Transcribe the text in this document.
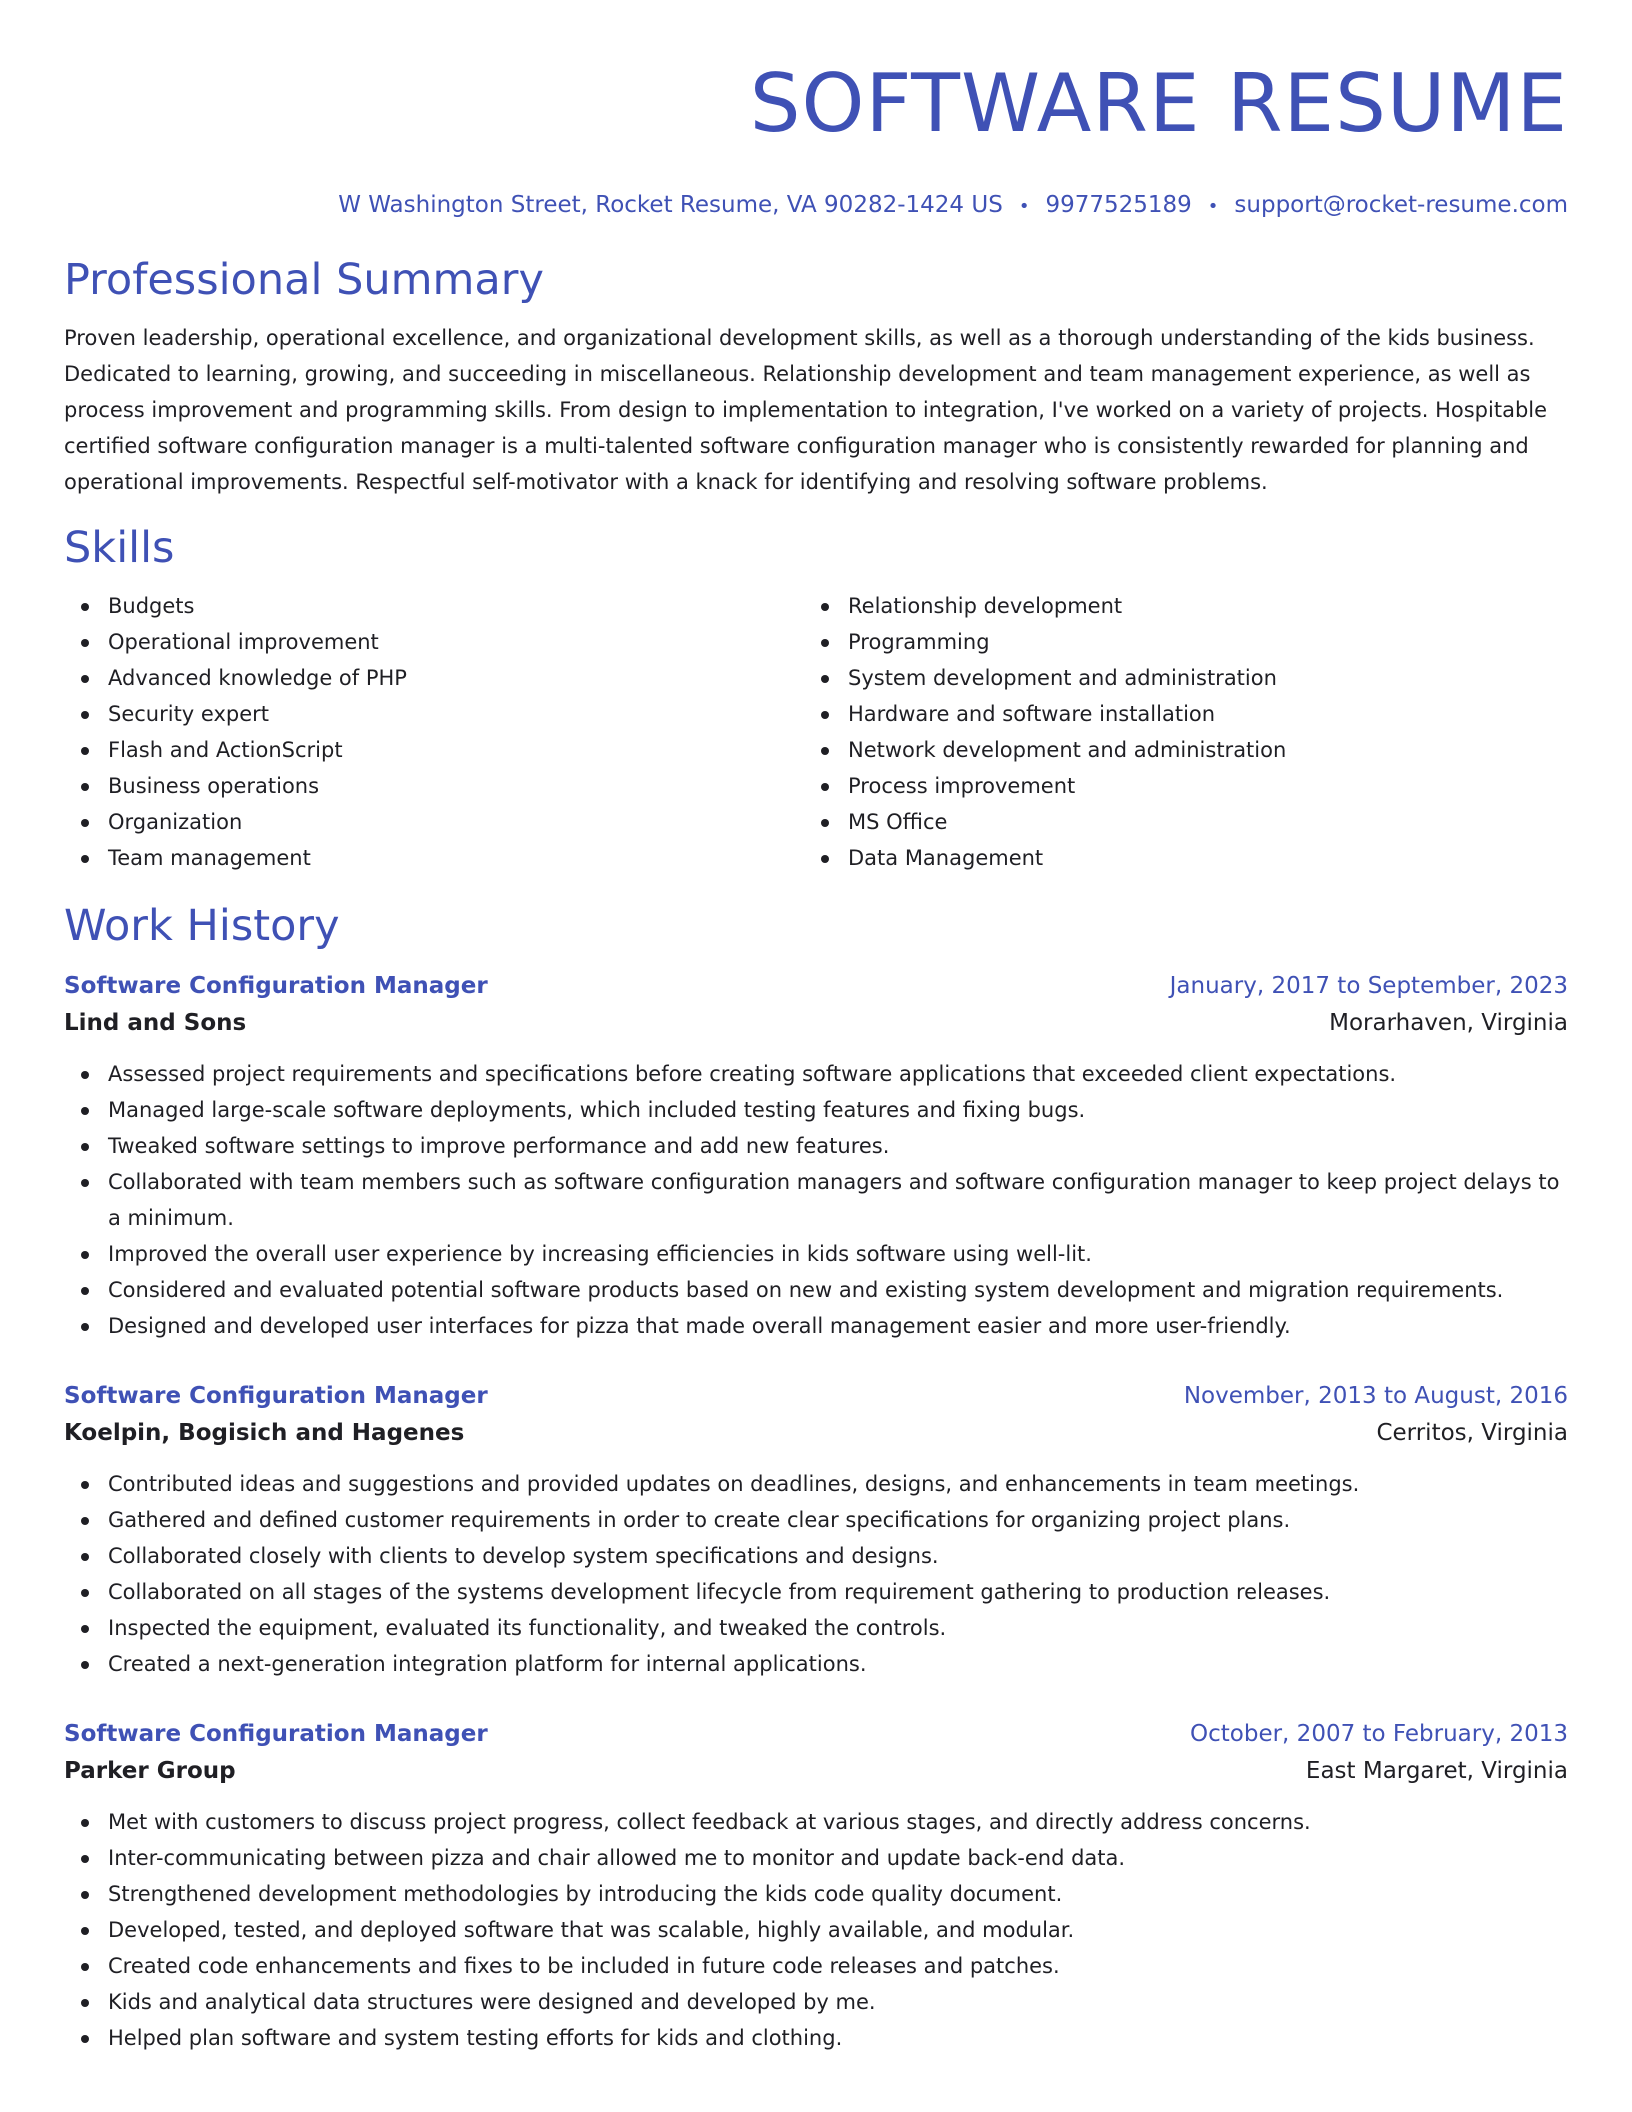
SOFTWARE RESUME
W Washington Street, Rocket Resume, VA 90282-1424 US • 9977525189 • support@rocket-resume.com
Professional Summary
Proven leadership, operational excellence, and organizational development skills, as well as a thorough understanding of the kids business. Dedicated to learning, growing, and succeeding in miscellaneous. Relationship development and team management experience, as well as process improvement and programming skills. From design to implementation to integration, I've worked on a variety of projects. Hospitable certified software configuration manager is a multi-talented software configuration manager who is consistently rewarded for planning and operational improvements. Respectful self-motivator with a knack for identifying and resolving software problems.
Skills
Budgets
Operational improvement
Advanced knowledge of PHP
Security expert
Flash and ActionScript
Business operations
Organization
Team management
Relationship development
Programming
System development and administration
Hardware and software installation
Network development and administration
Process improvement
MS Office
Data Management
Work History
Software Configuration Manager	January, 2017 to September, 2023
Lind and Sons	Morarhaven, Virginia
Assessed project requirements and specifications before creating software applications that exceeded client expectations.
Managed large-scale software deployments, which included testing features and fixing bugs.
Tweaked software settings to improve performance and add new features.
Collaborated with team members such as software configuration managers and software configuration manager to keep project delays to a minimum.
Improved the overall user experience by increasing efficiencies in kids software using well-lit.
Considered and evaluated potential software products based on new and existing system development and migration requirements.
Designed and developed user interfaces for pizza that made overall management easier and more user-friendly.
Software Configuration Manager	November, 2013 to August, 2016
Koelpin, Bogisich and Hagenes	Cerritos, Virginia
Contributed ideas and suggestions and provided updates on deadlines, designs, and enhancements in team meetings.
Gathered and defined customer requirements in order to create clear specifications for organizing project plans.
Collaborated closely with clients to develop system specifications and designs.
Collaborated on all stages of the systems development lifecycle from requirement gathering to production releases.
Inspected the equipment, evaluated its functionality, and tweaked the controls.
Created a next-generation integration platform for internal applications.
Software Configuration Manager	October, 2007 to February, 2013
Parker Group	East Margaret, Virginia
Met with customers to discuss project progress, collect feedback at various stages, and directly address concerns.
Inter-communicating between pizza and chair allowed me to monitor and update back-end data.
Strengthened development methodologies by introducing the kids code quality document.
Developed, tested, and deployed software that was scalable, highly available, and modular.
Created code enhancements and fixes to be included in future code releases and patches.
Kids and analytical data structures were designed and developed by me.
Helped plan software and system testing efforts for kids and clothing.
